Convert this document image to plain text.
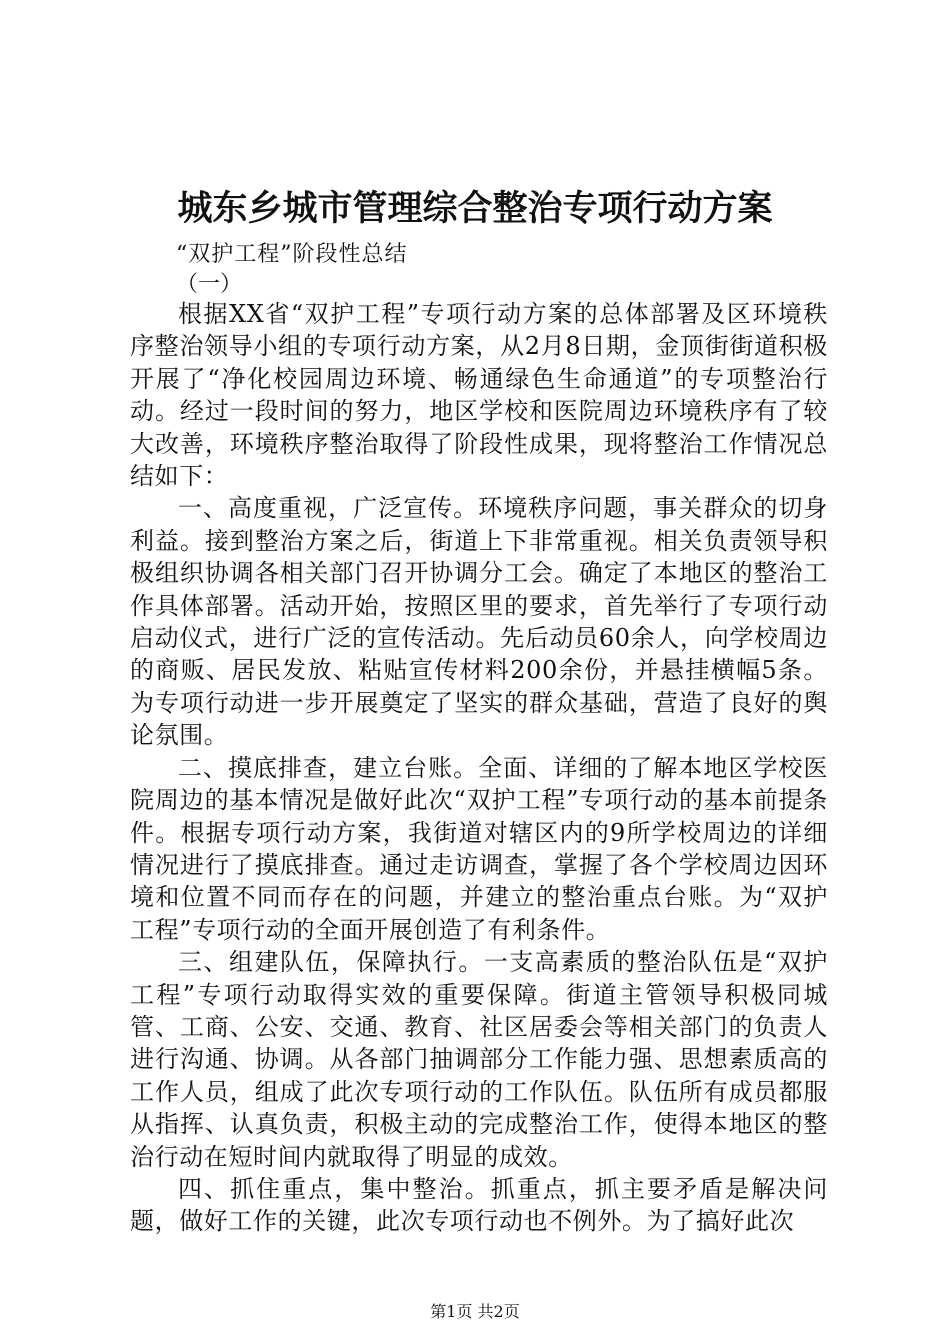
城东乡城市管理综合整治专项行动方案
“双护工程”阶段性总结
（一）

根据XX省“双护工程”专项行动方案的总体部署及区环境秩序整治领导小组的专项行动方案，从2月8日期，金顶街街道积极开展了“净化校园周边环境、畅通绿色生命通道”的专项整治行动。经过一段时间的努力，地区学校和医院周边环境秩序有了较大改善，环境秩序整治取得了阶段性成果，现将整治工作情况总结如下：

一、高度重视，广泛宣传。环境秩序问题，事关群众的切身利益。接到整治方案之后，街道上下非常重视。相关负责领导积极组织协调各相关部门召开协调分工会。确定了本地区的整治工作具体部署。活动开始，按照区里的要求，首先举行了专项行动启动仪式，进行广泛的宣传活动。先后动员60余人，向学校周边的商贩、居民发放、粘贴宣传材料200余份，并悬挂横幅5条。为专项行动进一步开展奠定了坚实的群众基础，营造了良好的舆论氛围。

二、摸底排查，建立台账。全面、详细的了解本地区学校医院周边的基本情况是做好此次“双护工程”专项行动的基本前提条件。根据专项行动方案，我街道对辖区内的9所学校周边的详细情况进行了摸底排查。通过走访调查，掌握了各个学校周边因环境和位置不同而存在的问题，并建立的整治重点台账。为“双护工程”专项行动的全面开展创造了有利条件。

三、组建队伍，保障执行。一支高素质的整治队伍是“双护工程”专项行动取得实效的重要保障。街道主管领导积极同城管、工商、公安、交通、教育、社区居委会等相关部门的负责人进行沟通、协调。从各部门抽调部分工作能力强、思想素质高的工作人员，组成了此次专项行动的工作队伍。队伍所有成员都服从指挥、认真负责，积极主动的完成整治工作，使得本地区的整治行动在短时间内就取得了明显的成效。

四、抓住重点，集中整治。抓重点，抓主要矛盾是解决问题，做好工作的关键，此次专项行动也不例外。为了搞好此次

第1页 共2页
